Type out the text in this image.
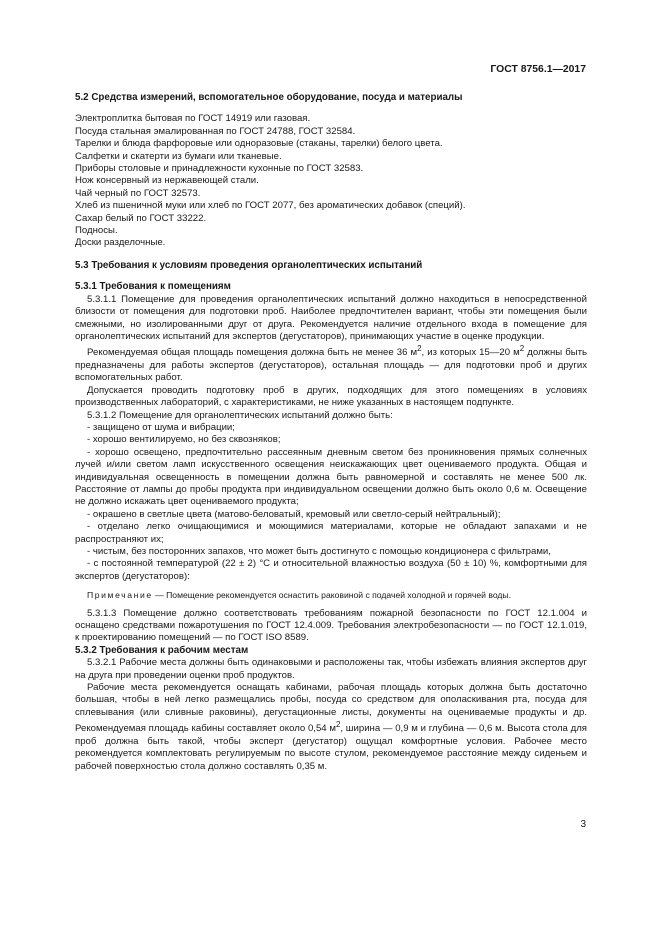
ГОСТ 8756.1—2017
5.2 Средства измерений, вспомогательное оборудование, посуда и материалы
Электроплитка бытовая по ГОСТ 14919 или газовая.
Посуда стальная эмалированная по ГОСТ 24788, ГОСТ 32584.
Тарелки и блюда фарфоровые или одноразовые (стаканы, тарелки) белого цвета.
Салфетки и скатерти из бумаги или тканевые.
Приборы столовые и принадлежности кухонные по ГОСТ 32583.
Нож консервный из нержавеющей стали.
Чай черный по ГОСТ 32573.
Хлеб из пшеничной муки или хлеб по ГОСТ 2077, без ароматических добавок (специй).
Сахар белый по ГОСТ 33222.
Подносы.
Доски разделочные.
5.3 Требования к условиям проведения органолептических испытаний
5.3.1 Требования к помещениям

5.3.1.1 Помещение для проведения органолептических испытаний должно находиться в непосредственной близости от помещения для подготовки проб. Наиболее предпочтителен вариант, чтобы эти помещения были смежными, но изолированными друг от друга. Рекомендуется наличие отдельного входа в помещение для органолептических испытаний для экспертов (дегустаторов), принимающих участие в оценке продукции.

Рекомендуемая общая площадь помещения должна быть не менее 36 $м^2$, из которых 15—20 $м^2$ должны быть предназначены для работы экспертов (дегустаторов), остальная площадь — для подготовки проб и других вспомогательных работ.

Допускается проводить подготовку проб в других, подходящих для этого помещениях в условиях производственных лабораторий, с характеристиками, не ниже указанных в настоящем подпункте.

5.3.1.2 Помещение для органолептических испытаний должно быть:

- защищено от шума и вибрации;

- хорошо вентилируемо, но без сквозняков;

- хорошо освещено, предпочтительно рассеянным дневным светом без проникновения прямых солнечных лучей и/или светом ламп искусственного освещения неискажающих цвет оцениваемого продукта. Общая и индивидуальная освещенность в помещении должна быть равномерной и составлять не менее 500 лк. Расстояние от лампы до пробы продукта при индивидуальном освещении должно быть около 0,6 м. Освещение не должно искажать цвет оцениваемого продукта;

- окрашено в светлые цвета (матово-беловатый, кремовый или светло-серый нейтральный);

- отделано легко очищающимися и моющимися материалами, которые не обладают запахами и не распространяют их;

- чистым, без посторонних запахов, что может быть достигнуто с помощью кондиционера с фильтрами,

- с постоянной температурой (22 ± 2) °С и относительной влажностью воздуха (50 ± 10) %, комфортными для экспертов (дегустаторов):

Примечание — Помещение рекомендуется оснастить раковиной с подачей холодной и горячей воды.

5.3.1.3 Помещение должно соответствовать требованиям пожарной безопасности по ГОСТ 12.1.004 и оснащено средствами пожаротушения по ГОСТ 12.4.009. Требования электробезопасности — по ГОСТ 12.1.019, к проектированию помещений — по ГОСТ ISO 8589.

5.3.2 Требования к рабочим местам

5.3.2.1 Рабочие места должны быть одинаковыми и расположены так, чтобы избежать влияния экспертов друг на друга при проведении оценки проб продуктов.

Рабочие места рекомендуется оснащать кабинами, рабочая площадь которых должна быть достаточно большая, чтобы в ней легко размещались пробы, посуда со средством для ополаскивания рта, посуда для сплевывания (или сливные раковины), дегустационные листы, документы на оцениваемые продукты и др. Рекомендуемая площадь кабины составляет около 0,54 $м^2$, ширина — 0,9 м и глубина — 0,6 м. Высота стола для проб должна быть такой, чтобы эксперт (дегустатор) ощущал комфортные условия. Рабочее место рекомендуется комплектовать регулируемым по высоте стулом, рекомендуемое расстояние между сиденьем и рабочей поверхностью стола должно составлять 0,35 м.

3
